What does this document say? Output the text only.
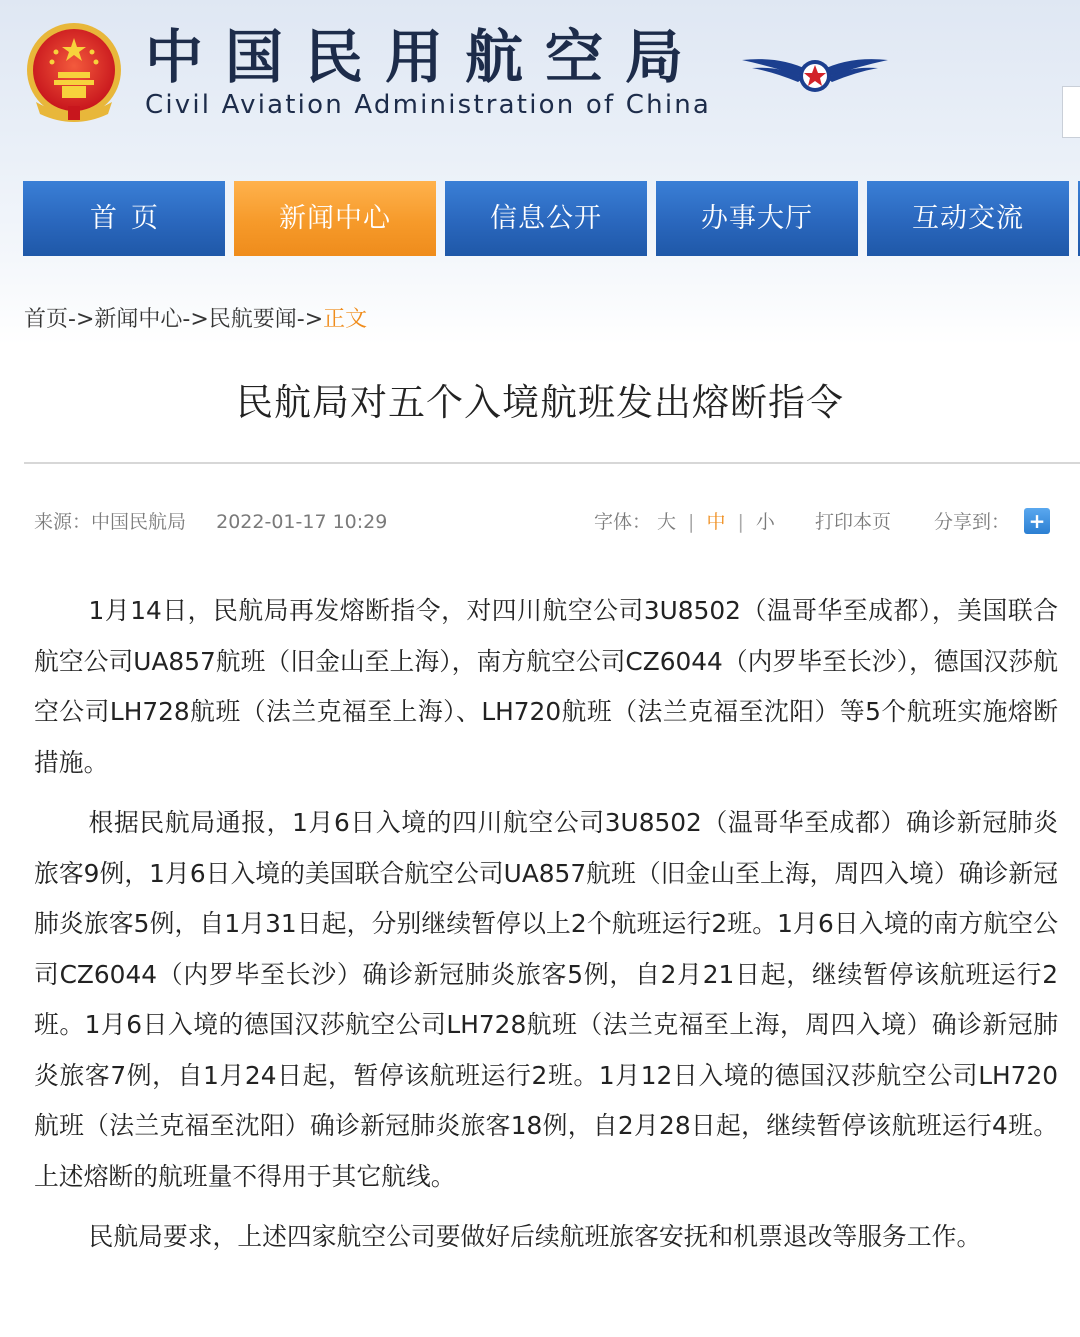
中国民用航空局
Civil Aviation Administration of China
首页	新闻中心	信息公开	办事大厅	互动交流
首页->新闻中心->民航要闻->正文
民航局对五个入境航班发出熔断指令
来源：中国民航局 2022-01-17 10:29	字体： 大 | 中 | 小 打印本页 分享到： +

1月14日，民航局再发熔断指令，对四川航空公司3U8502（温哥华至成都），美国联合航空公司UA857航班（旧金山至上海），南方航空公司CZ6044（内罗毕至长沙），德国汉莎航空公司LH728航班（法兰克福至上海）、LH720航班（法兰克福至沈阳）等5个航班实施熔断措施。

根据民航局通报，1月6日入境的四川航空公司3U8502（温哥华至成都）确诊新冠肺炎旅客9例，1月6日入境的美国联合航空公司UA857航班（旧金山至上海，周四入境）确诊新冠肺炎旅客5例，自1月31日起，分别继续暂停以上2个航班运行2班。1月6日入境的南方航空公司CZ6044（内罗毕至长沙）确诊新冠肺炎旅客5例，自2月21日起，继续暂停该航班运行2班。1月6日入境的德国汉莎航空公司LH728航班（法兰克福至上海，周四入境）确诊新冠肺炎旅客7例，自1月24日起，暂停该航班运行2班。1月12日入境的德国汉莎航空公司LH720航班（法兰克福至沈阳）确诊新冠肺炎旅客18例，自2月28日起，继续暂停该航班运行4班。上述熔断的航班量不得用于其它航线。

民航局要求，上述四家航空公司要做好后续航班旅客安抚和机票退改等服务工作。
